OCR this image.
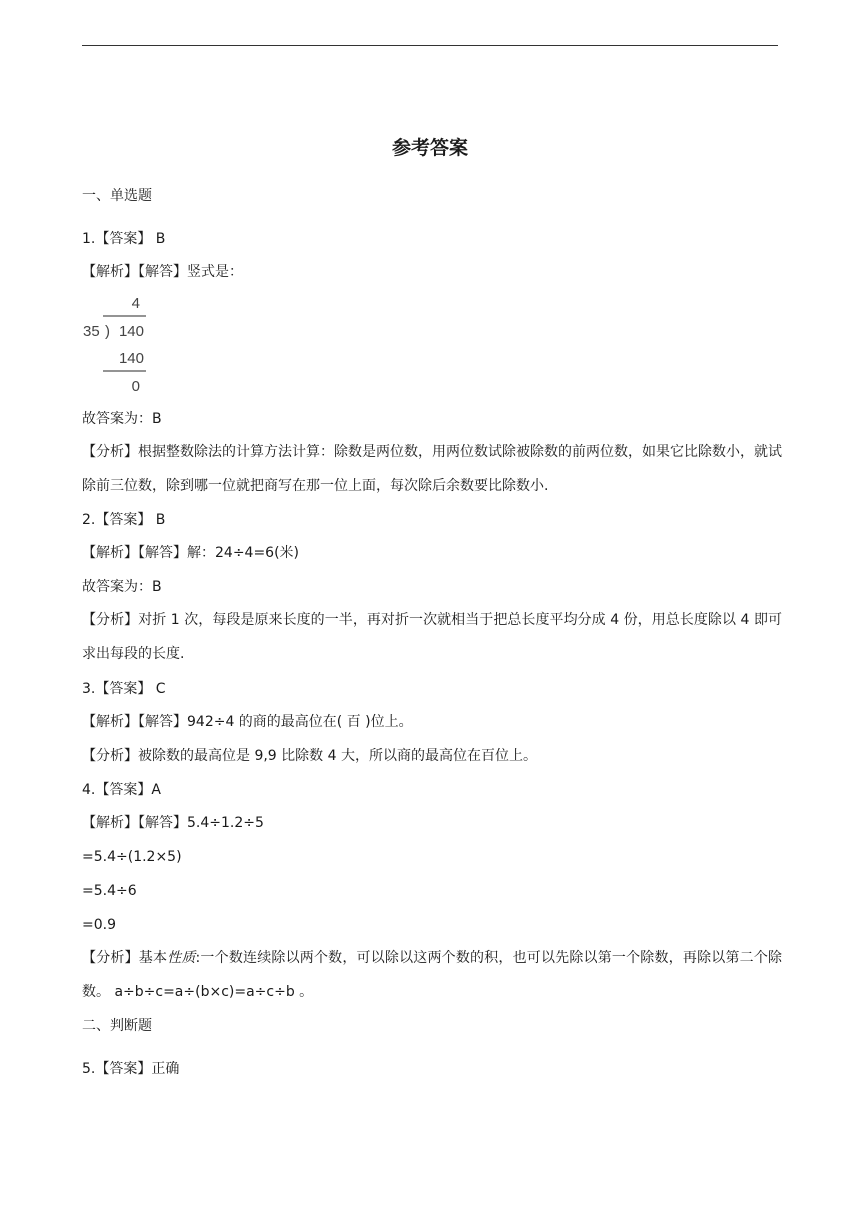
参考答案
一、单选题
1.【答案】 B
【解析】【解答】竖式是：
4
35 ) 140
140
0
故答案为：B
【分析】根据整数除法的计算方法计算：除数是两位数，用两位数试除被除数的前两位数，如果它比除数小，就试除前三位数，除到哪一位就把商写在那一位上面，每次除后余数要比除数小.
2.【答案】 B
【解析】【解答】解：24÷4=6(米)
故答案为：B
【分析】对折 1 次，每段是原来长度的一半，再对折一次就相当于把总长度平均分成 4 份，用总长度除以 4 即可求出每段的长度.
3.【答案】 C
【解析】【解答】942÷4 的商的最高位在( 百 )位上。
【分析】被除数的最高位是 9,9 比除数 4 大，所以商的最高位在百位上。
4.【答案】A
【解析】【解答】5.4÷1.2÷5
=5.4÷(1.2×5)
=5.4÷6
=0.9
【分析】基本性质:一个数连续除以两个数，可以除以这两个数的积，也可以先除以第一个除数，再除以第二个除数。 a÷b÷c=a÷(b×c)=a÷c÷b 。
二、判断题
5.【答案】正确
